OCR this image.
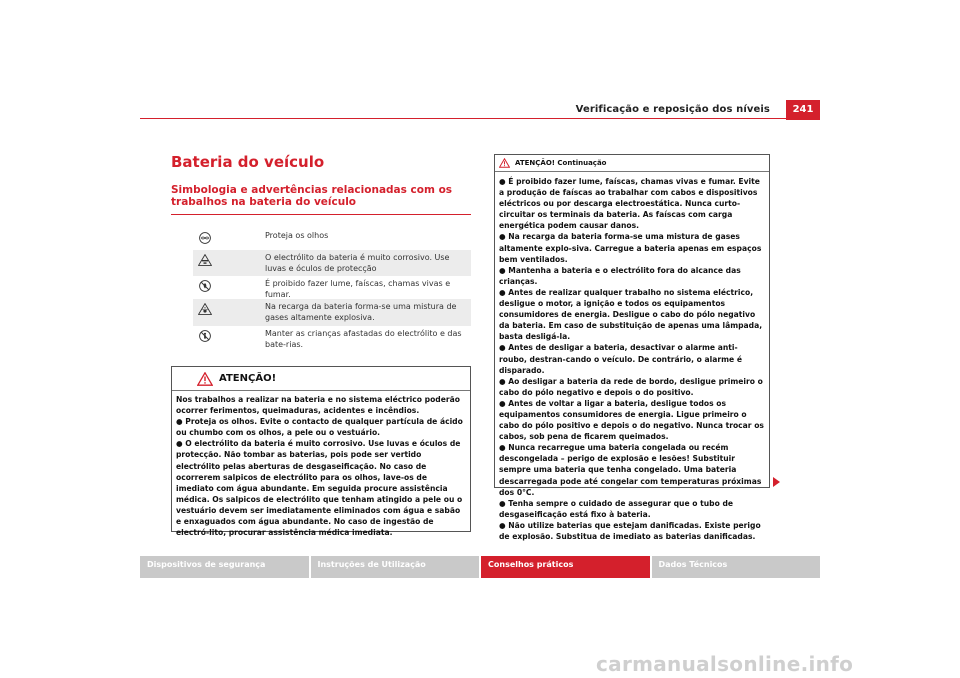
Verificação e reposição dos níveis	241
Bateria do veículo
Simbologia e advertências relacionadas com os trabalhos na bateria do veículo
Proteja os olhos
O electrólito da bateria é muito corrosivo. Use luvas e óculos de protecção
É proibido fazer lume, faíscas, chamas vivas e fumar.
Na recarga da bateria forma-se uma mistura de gases altamente explosiva.
Manter as crianças afastadas do electrólito e das bate-rias.
ATENÇÃO!

Nos trabalhos a realizar na bateria e no sistema eléctrico poderão ocorrer ferimentos, queimaduras, acidentes e incêndios.

● Proteja os olhos. Evite o contacto de qualquer partícula de ácido ou chumbo com os olhos, a pele ou o vestuário.

● O electrólito da bateria é muito corrosivo. Use luvas e óculos de protecção. Não tombar as baterias, pois pode ser vertido electrólito pelas aberturas de desgaseificação. No caso de ocorrerem salpicos de electrólito para os olhos, lave-os de imediato com água abundante. Em seguida procure assistência médica. Os salpicos de electrólito que tenham atingido a pele ou o vestuário devem ser imediatamente eliminados com água e sabão e enxaguados com água abundante. No caso de ingestão de electró-lito, procurar assistência médica imediata.

ATENÇÃO! Continuação

● É proibido fazer lume, faíscas, chamas vivas e fumar. Evite a produção de faíscas ao trabalhar com cabos e dispositivos eléctricos ou por descarga electroestática. Nunca curto-circuitar os terminais da bateria. As faíscas com carga energética podem causar danos.

● Na recarga da bateria forma-se uma mistura de gases altamente explo-siva. Carregue a bateria apenas em espaços bem ventilados.

● Mantenha a bateria e o electrólito fora do alcance das crianças.

● Antes de realizar qualquer trabalho no sistema eléctrico, desligue o motor, a ignição e todos os equipamentos consumidores de energia. Desligue o cabo do pólo negativo da bateria. Em caso de substituição de apenas uma lâmpada, basta desligá-la.

● Antes de desligar a bateria, desactivar o alarme anti-roubo, destran-cando o veículo. De contrário, o alarme é disparado.

● Ao desligar a bateria da rede de bordo, desligue primeiro o cabo do pólo negativo e depois o do positivo.

● Antes de voltar a ligar a bateria, desligue todos os equipamentos consumidores de energia. Ligue primeiro o cabo do pólo positivo e depois o do negativo. Nunca trocar os cabos, sob pena de ficarem queimados.

● Nunca recarregue uma bateria congelada ou recém descongelada – perigo de explosão e lesões! Substituir sempre uma bateria que tenha congelado. Uma bateria descarregada pode até congelar com temperaturas próximas dos 0°C.

● Tenha sempre o cuidado de assegurar que o tubo de desgaseificação está fixo à bateria.

● Não utilize baterias que estejam danificadas. Existe perigo de explosão. Substitua de imediato as baterias danificadas.

Dispositivos de segurança	Instruções de Utilização	Conselhos práticos	Dados Técnicos
carmanualsonline.info
